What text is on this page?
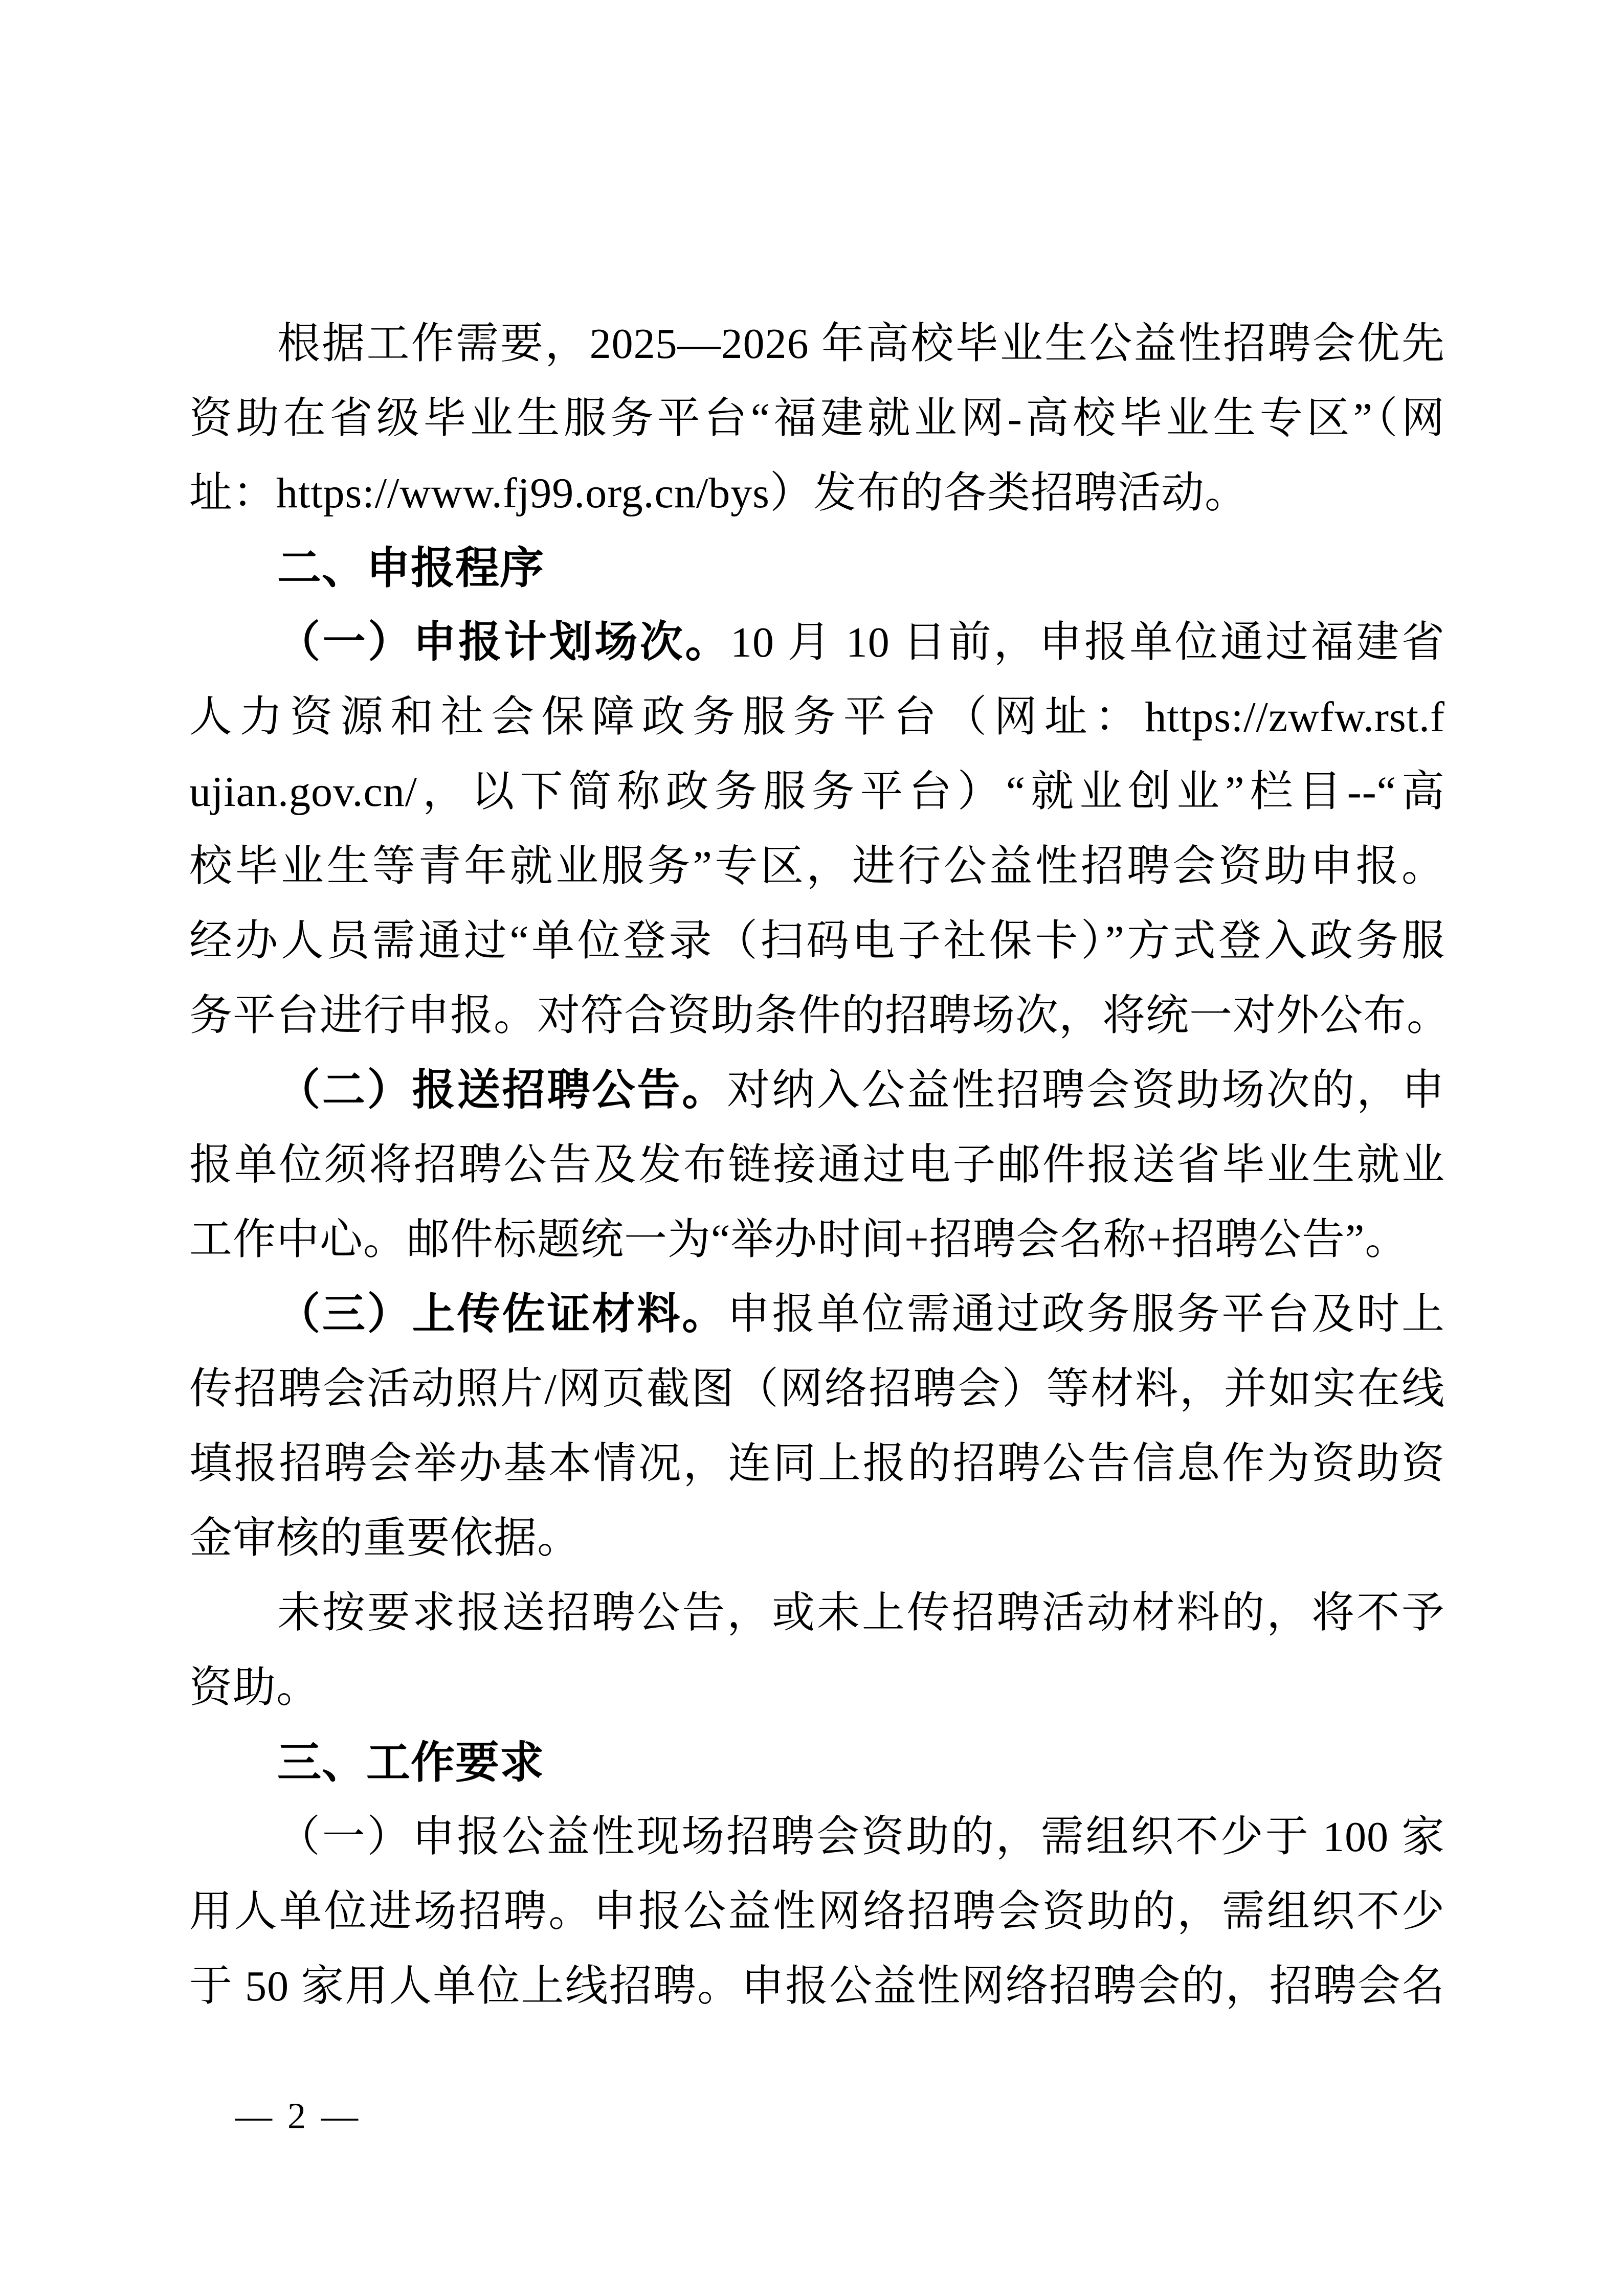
根据工作需要，2025—2026 年高校毕业生公益性招聘会优先
资助在省级毕业生服务平台“福建就业网-高校毕业生专区”（网
址：https://www.fj99.org.cn/bys）发布的各类招聘活动。
二、申报程序
（一）申报计划场次。10 月 10 日前，申报单位通过福建省
人力资源和社会保障政务服务平台（网址：https://zwfw.rst.f
ujian.gov.cn/，以下简称政务服务平台）“就业创业”栏目--“高
校毕业生等青年就业服务”专区，进行公益性招聘会资助申报。
经办人员需通过“单位登录（扫码电子社保卡）”方式登入政务服
务平台进行申报。对符合资助条件的招聘场次，将统一对外公布。
（二）报送招聘公告。对纳入公益性招聘会资助场次的，申
报单位须将招聘公告及发布链接通过电子邮件报送省毕业生就业
工作中心。邮件标题统一为“举办时间+招聘会名称+招聘公告”。
（三）上传佐证材料。申报单位需通过政务服务平台及时上
传招聘会活动照片/网页截图（网络招聘会）等材料，并如实在线
填报招聘会举办基本情况，连同上报的招聘公告信息作为资助资
金审核的重要依据。
未按要求报送招聘公告，或未上传招聘活动材料的，将不予
资助。
三、工作要求
（一）申报公益性现场招聘会资助的，需组织不少于 100 家
用人单位进场招聘。申报公益性网络招聘会资助的，需组织不少
于 50 家用人单位上线招聘。申报公益性网络招聘会的，招聘会名
— 2 —
